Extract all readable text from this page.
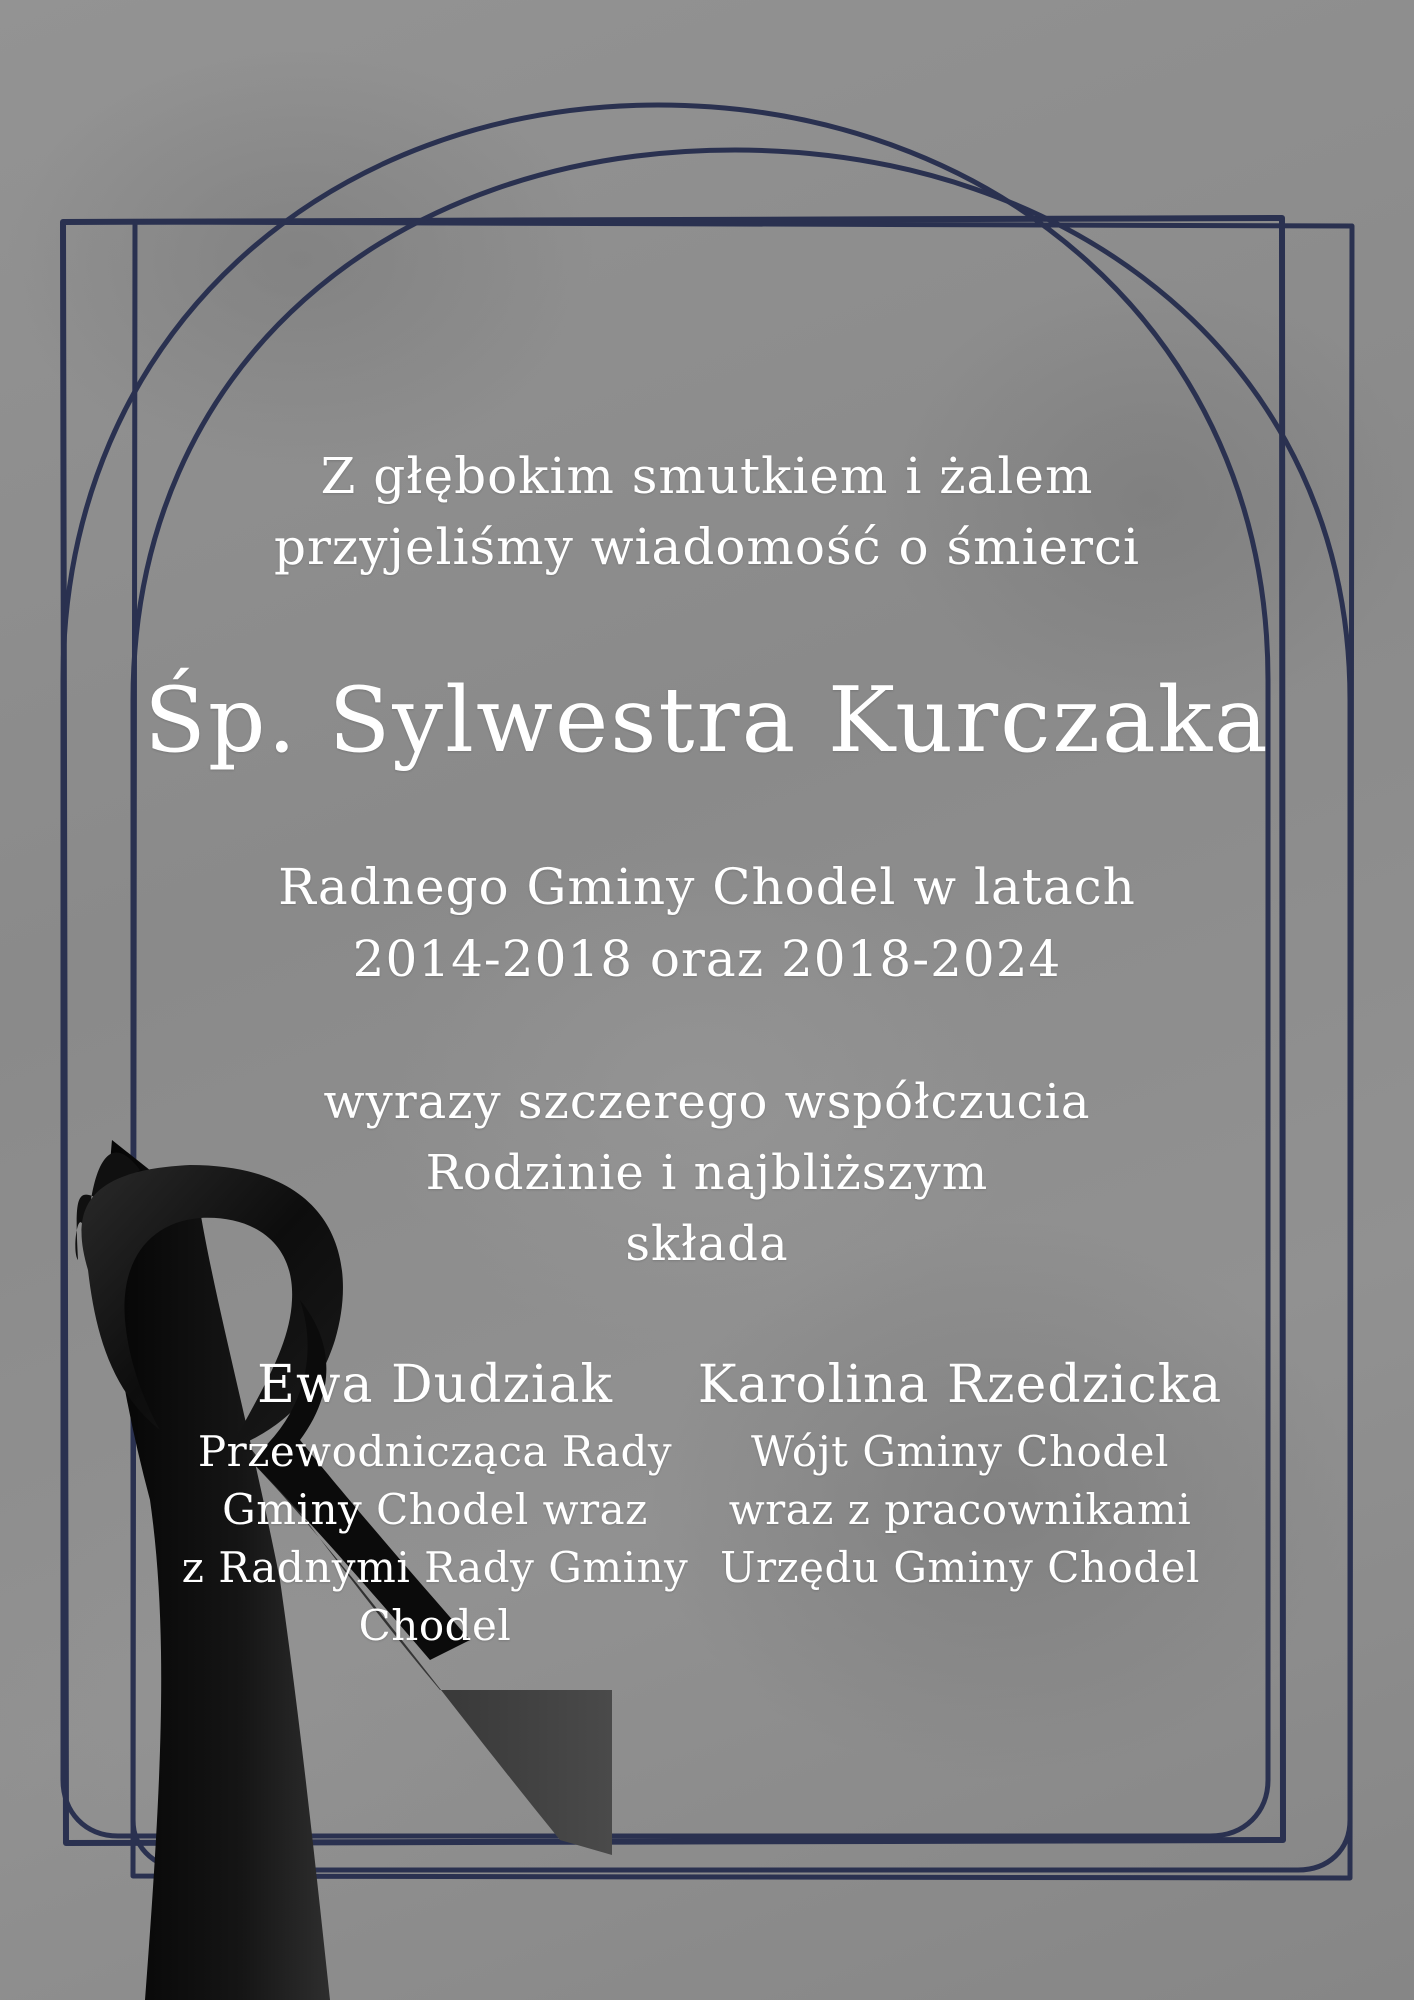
Z głębokim smutkiem i żalem
przyjeliśmy wiadomość o śmierci
Śp. Sylwestra Kurczaka
Radnego Gminy Chodel w latach
2014-2018 oraz 2018-2024
wyrazy szczerego współczucia
Rodzinie i najbliższym
składa
Ewa Dudziak
Przewodnicząca Rady
Gminy Chodel wraz
z Radnymi Rady Gminy
Chodel
Karolina Rzedzicka
Wójt Gminy Chodel
wraz z pracownikami
Urzędu Gminy Chodel
